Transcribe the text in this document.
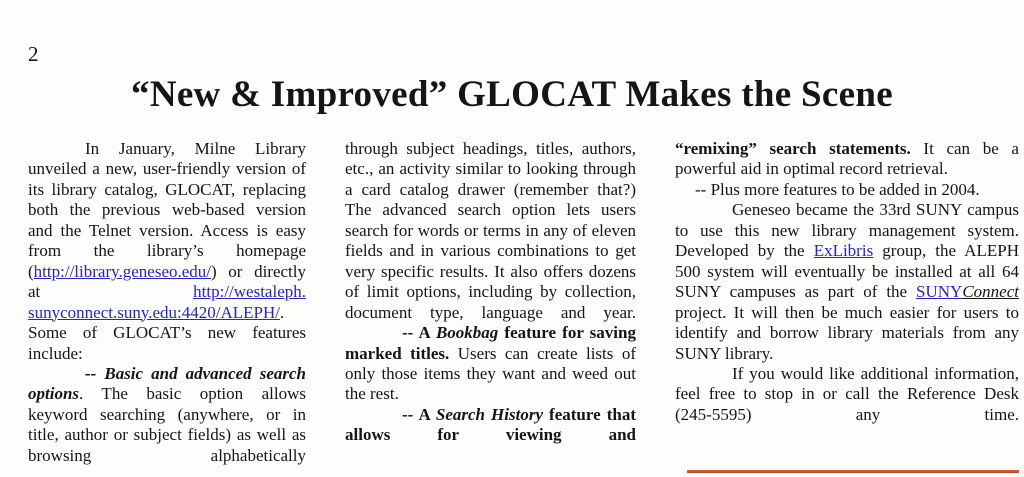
2
“New & Improved” GLOCAT Makes the Scene

In January, Milne Library unveiled a new, user-friendly version of its library catalog, GLOCAT, replacing both the previous web-based version and the Telnet version. Access is easy from the library’s homepage (http://library.geneseo.edu/) or directly at http://westaleph. sunyconnect.suny.edu:4420/ALEPH/. Some of GLOCAT’s new features include:

-- Basic and advanced search options. The basic option allows keyword searching (anywhere, or in title, author or subject fields) as well as browsing alphabetically

through subject headings, titles, authors, etc., an activity similar to looking through a card catalog drawer (remember that?) The advanced search option lets users search for words or terms in any of eleven fields and in various combinations to get very specific results. It also offers dozens of limit options, including by collection, document type, language and year.

-- A Bookbag feature for saving marked titles. Users can create lists of only those items they want and weed out the rest.

-- A Search History feature that allows for viewing and

“remixing” search statements. It can be a powerful aid in optimal record retrieval.

-- Plus more features to be added in 2004.

Geneseo became the 33rd SUNY campus to use this new library management system. Developed by the ExLibris group, the ALEPH 500 system will eventually be installed at all 64 SUNY campuses as part of the SUNYConnect project. It will then be much easier for users to identify and borrow library materials from any SUNY library.

If you would like additional information, feel free to stop in or call the Reference Desk (245-5595) any time.
